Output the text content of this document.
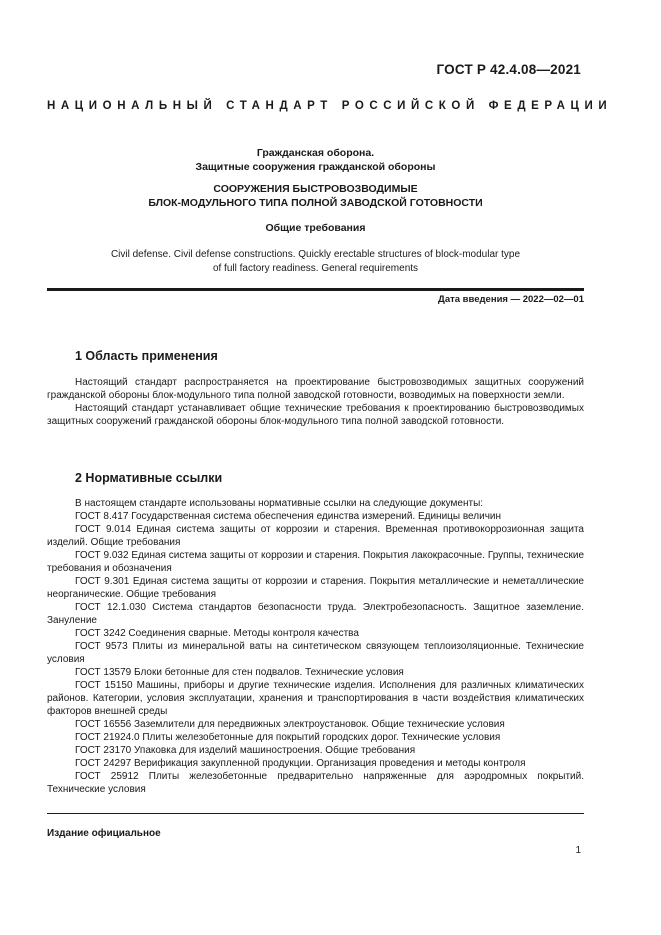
ГОСТ Р 42.4.08—2021
НАЦИОНАЛЬНЫЙ СТАНДАРТ РОССИЙСКОЙ ФЕДЕРАЦИИ
Гражданская оборона.
Защитные сооружения гражданской обороны
СООРУЖЕНИЯ БЫСТРОВОЗВОДИМЫЕ
БЛОК-МОДУЛЬНОГО ТИПА ПОЛНОЙ ЗАВОДСКОЙ ГОТОВНОСТИ
Общие требования
Civil defense. Civil defense constructions. Quickly erectable structures of block-modular type
of full factory readiness. General requirements
Дата введения — 2022—02—01
1 Область применения

Настоящий стандарт распространяется на проектирование быстровозводимых защитных сооружений гражданской обороны блок-модульного типа полной заводской готовности, возводимых на поверхности земли.

Настоящий стандарт устанавливает общие технические требования к проектированию быстровозводимых защитных сооружений гражданской обороны блок-модульного типа полной заводской готовности.

2 Нормативные ссылки

В настоящем стандарте использованы нормативные ссылки на следующие документы:

ГОСТ 8.417 Государственная система обеспечения единства измерений. Единицы величин

ГОСТ 9.014 Единая система защиты от коррозии и старения. Временная противокоррозионная защита изделий. Общие требования

ГОСТ 9.032 Единая система защиты от коррозии и старения. Покрытия лакокрасочные. Группы, технические требования и обозначения

ГОСТ 9.301 Единая система защиты от коррозии и старения. Покрытия металлические и неметаллические неорганические. Общие требования

ГОСТ 12.1.030 Система стандартов безопасности труда. Электробезопасность. Защитное заземление. Зануление

ГОСТ 3242 Соединения сварные. Методы контроля качества

ГОСТ 9573 Плиты из минеральной ваты на синтетическом связующем теплоизоляционные. Технические условия

ГОСТ 13579 Блоки бетонные для стен подвалов. Технические условия

ГОСТ 15150 Машины, приборы и другие технические изделия. Исполнения для различных климатических районов. Категории, условия эксплуатации, хранения и транспортирования в части воздействия климатических факторов внешней среды

ГОСТ 16556 Заземлители для передвижных электроустановок. Общие технические условия

ГОСТ 21924.0 Плиты железобетонные для покрытий городских дорог. Технические условия

ГОСТ 23170 Упаковка для изделий машиностроения. Общие требования

ГОСТ 24297 Верификация закупленной продукции. Организация проведения и методы контроля

ГОСТ 25912 Плиты железобетонные предварительно напряженные для аэродромных покрытий. Технические условия

Издание официальное
1
